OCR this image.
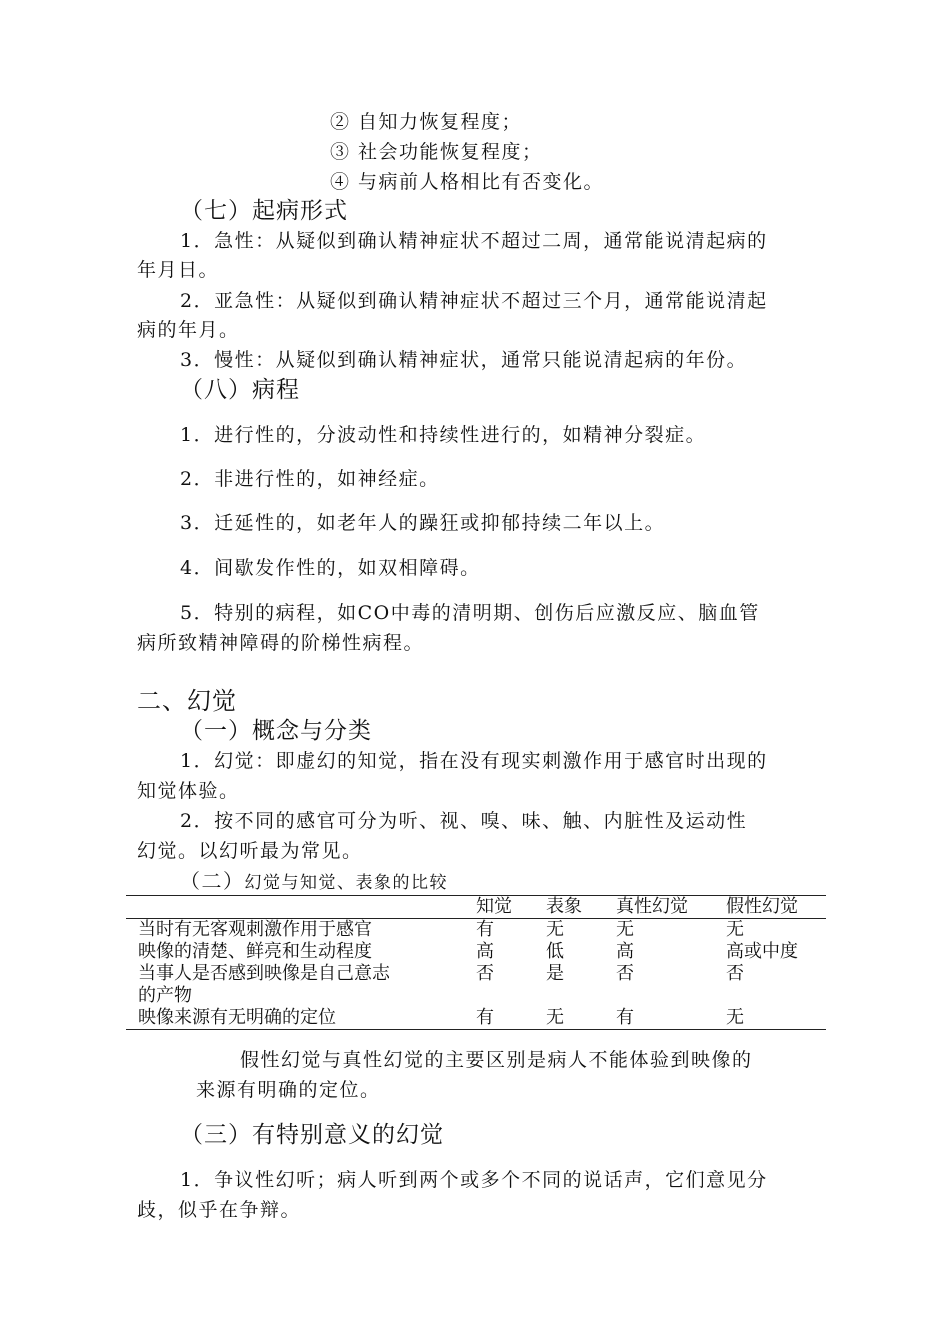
② 自知力恢复程度；
③ 社会功能恢复程度；
④ 与病前人格相比有否变化。
（七）起病形式
1．急性：从疑似到确认精神症状不超过二周，通常能说清起病的
年月日。
2．亚急性：从疑似到确认精神症状不超过三个月，通常能说清起
病的年月。
3．慢性：从疑似到确认精神症状，通常只能说清起病的年份。
（八）病程
1．进行性的，分波动性和持续性进行的，如精神分裂症。
2．非进行性的，如神经症。
3．迁延性的，如老年人的躁狂或抑郁持续二年以上。
4．间歇发作性的，如双相障碍。
5．特别的病程，如CO中毒的清明期、创伤后应激反应、脑血管
病所致精神障碍的阶梯性病程。
二、幻觉
（一）概念与分类
1．幻觉：即虚幻的知觉，指在没有现实刺激作用于感官时出现的
知觉体验。
2．按不同的感官可分为听、视、嗅、味、触、内脏性及运动性
幻觉。以幻听最为常见。
（二）幻觉与知觉、表象的比较
	知觉	表象	真性幻觉	假性幻觉
当时有无客观刺激作用于感官	有	无	无	无
映像的清楚、鲜亮和生动程度	高	低	高	高或中度
当事人是否感到映像是自己意志	否	是	否	否
的产物				
映像来源有无明确的定位	有	无	有	无
假性幻觉与真性幻觉的主要区别是病人不能体验到映像的
来源有明确的定位。
（三）有特别意义的幻觉
1．争议性幻听；病人听到两个或多个不同的说话声，它们意见分
歧，似乎在争辩。
